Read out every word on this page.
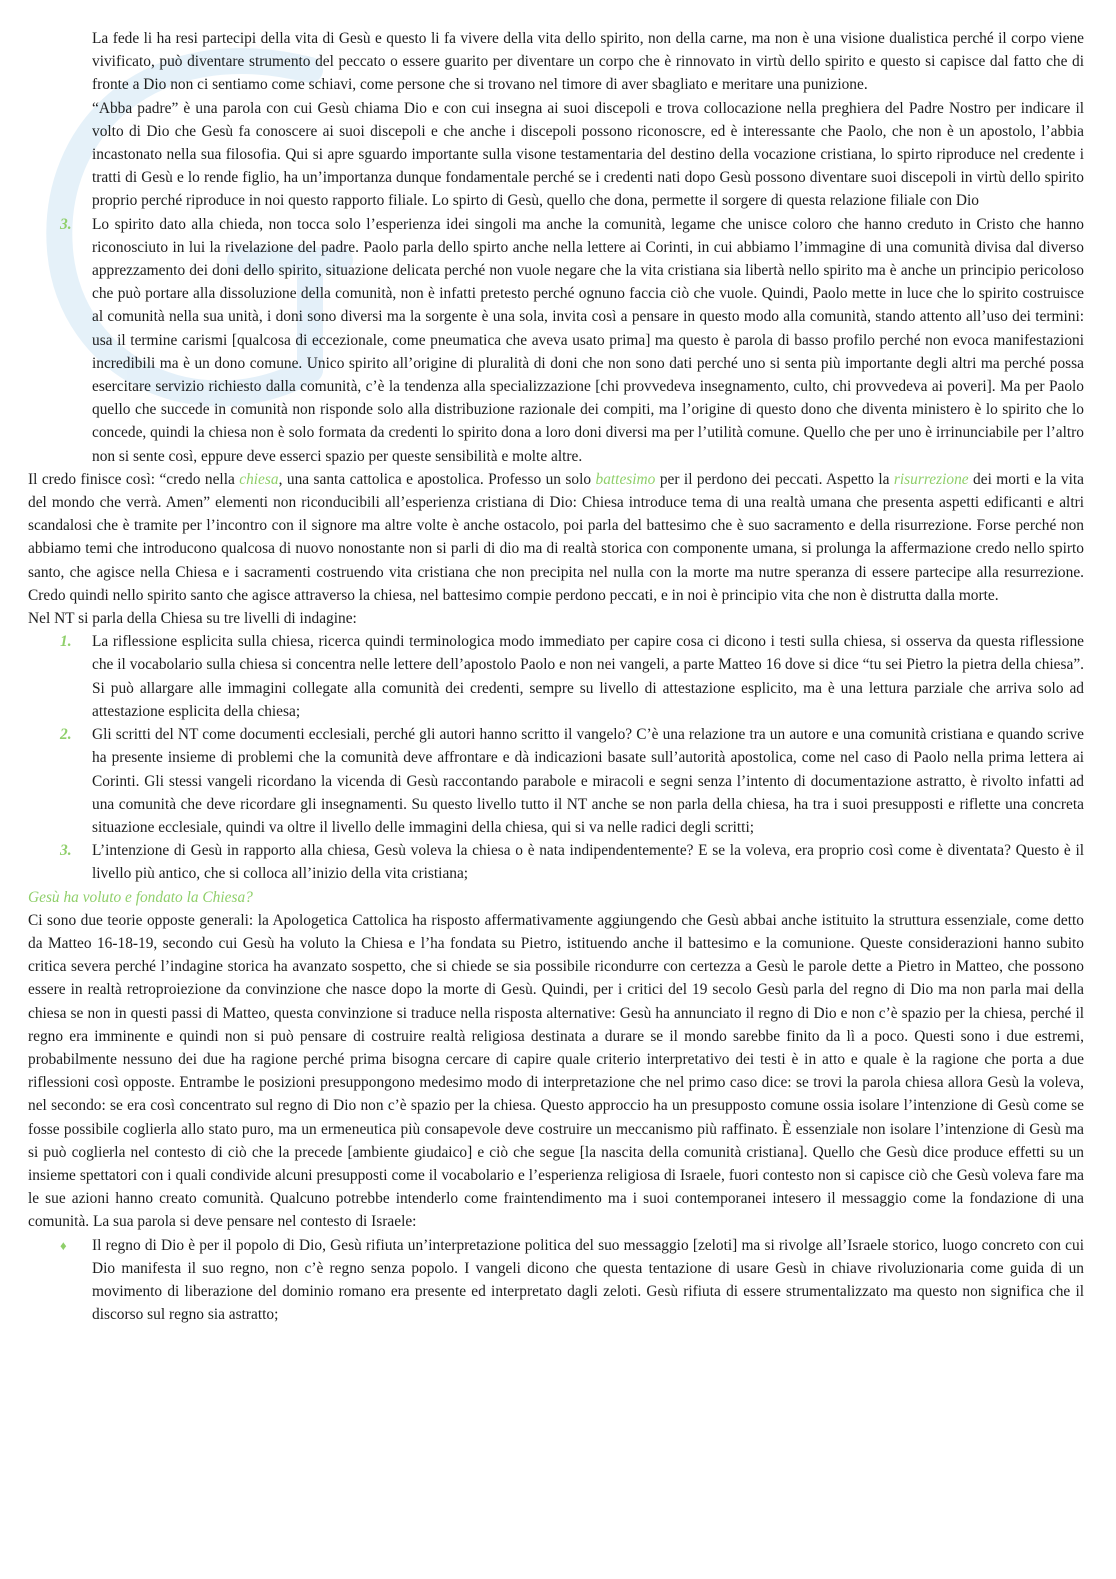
La fede li ha resi partecipi della vita di Gesù e questo li fa vivere della vita dello spirito, non della carne, ma non è una visione dualistica perché il corpo viene vivificato, può diventare strumento del peccato o essere guarito per diventare un corpo che è rinnovato in virtù dello spirito e questo si capisce dal fatto che di fronte a Dio non ci sentiamo come schiavi, come persone che si trovano nel timore di aver sbagliato e meritare una punizione.

“Abba padre” è una parola con cui Gesù chiama Dio e con cui insegna ai suoi discepoli e trova collocazione nella preghiera del Padre Nostro per indicare il volto di Dio che Gesù fa conoscere ai suoi discepoli e che anche i discepoli possono riconoscre, ed è interessante che Paolo, che non è un apostolo, l’abbia incastonato nella sua filosofia. Qui si apre sguardo importante sulla visone testamentaria del destino della vocazione cristiana, lo spirto riproduce nel credente i tratti di Gesù e lo rende figlio, ha un’importanza dunque fondamentale perché se i credenti nati dopo Gesù possono diventare suoi discepoli in virtù dello spirito proprio perché riproduce in noi questo rapporto filiale. Lo spirto di Gesù, quello che dona, permette il sorgere di questa relazione filiale con Dio

3. Lo spirito dato alla chieda, non tocca solo l’esperienza idei singoli ma anche la comunità, legame che unisce coloro che hanno creduto in Cristo che hanno riconosciuto in lui la rivelazione del padre. Paolo parla dello spirto anche nella lettere ai Corinti, in cui abbiamo l’immagine di una comunità divisa dal diverso apprezzamento dei doni dello spirito, situazione delicata perché non vuole negare che la vita cristiana sia libertà nello spirito ma è anche un principio pericoloso che può portare alla dissoluzione della comunità, non è infatti pretesto perché ognuno faccia ciò che vuole. Quindi, Paolo mette in luce che lo spirito costruisce al comunità nella sua unità, i doni sono diversi ma la sorgente è una sola, invita così a pensare in questo modo alla comunità, stando attento all’uso dei termini: usa il termine carismi [qualcosa di eccezionale, come pneumatica che aveva usato prima] ma questo è parola di basso profilo perché non evoca manifestazioni incredibili ma è un dono comune. Unico spirito all’origine di pluralità di doni che non sono dati perché uno si senta più importante degli altri ma perché possa esercitare servizio richiesto dalla comunità, c’è la tendenza alla specializzazione [chi provvedeva insegnamento, culto, chi provvedeva ai poveri]. Ma per Paolo quello che succede in comunità non risponde solo alla distribuzione razionale dei compiti, ma l’origine di questo dono che diventa ministero è lo spirito che lo concede, quindi la chiesa non è solo formata da credenti lo spirito dona a loro doni diversi ma per l’utilità comune. Quello che per uno è irrinunciabile per l’altro non si sente così, eppure deve esserci spazio per queste sensibilità e molte altre.

Il credo finisce così: “credo nella chiesa, una santa cattolica e apostolica. Professo un solo battesimo per il perdono dei peccati. Aspetto la risurrezione dei morti e la vita del mondo che verrà. Amen” elementi non riconducibili all’esperienza cristiana di Dio: Chiesa introduce tema di una realtà umana che presenta aspetti edificanti e altri scandalosi che è tramite per l’incontro con il signore ma altre volte è anche ostacolo, poi parla del battesimo che è suo sacramento e della risurrezione. Forse perché non abbiamo temi che introducono qualcosa di nuovo nonostante non si parli di dio ma di realtà storica con componente umana, si prolunga la affermazione credo nello spirto santo, che agisce nella Chiesa e i sacramenti costruendo vita cristiana che non precipita nel nulla con la morte ma nutre speranza di essere partecipe alla resurrezione. Credo quindi nello spirito santo che agisce attraverso la chiesa, nel battesimo compie perdono peccati, e in noi è principio vita che non è distrutta dalla morte.

Nel NT si parla della Chiesa su tre livelli di indagine:

1. La riflessione esplicita sulla chiesa, ricerca quindi terminologica modo immediato per capire cosa ci dicono i testi sulla chiesa, si osserva da questa riflessione che il vocabolario sulla chiesa si concentra nelle lettere dell’apostolo Paolo e non nei vangeli, a parte Matteo 16 dove si dice “tu sei Pietro la pietra della chiesa”. Si può allargare alle immagini collegate alla comunità dei credenti, sempre su livello di attestazione esplicito, ma è una lettura parziale che arriva solo ad attestazione esplicita della chiesa;

2. Gli scritti del NT come documenti ecclesiali, perché gli autori hanno scritto il vangelo? C’è una relazione tra un autore e una comunità cristiana e quando scrive ha presente insieme di problemi che la comunità deve affrontare e dà indicazioni basate sull’autorità apostolica, come nel caso di Paolo nella prima lettera ai Corinti. Gli stessi vangeli ricordano la vicenda di Gesù raccontando parabole e miracoli e segni senza l’intento di documentazione astratto, è rivolto infatti ad una comunità che deve ricordare gli insegnamenti. Su questo livello tutto il NT anche se non parla della chiesa, ha tra i suoi presupposti e riflette una concreta situazione ecclesiale, quindi va oltre il livello delle immagini della chiesa, qui si va nelle radici degli scritti;

3. L’intenzione di Gesù in rapporto alla chiesa, Gesù voleva la chiesa o è nata indipendentemente? E se la voleva, era proprio così come è diventata? Questo è il livello più antico, che si colloca all’inizio della vita cristiana;

Gesù ha voluto e fondato la Chiesa?

Ci sono due teorie opposte generali: la Apologetica Cattolica ha risposto affermativamente aggiungendo che Gesù abbai anche istituito la struttura essenziale, come detto da Matteo 16-18-19, secondo cui Gesù ha voluto la Chiesa e l’ha fondata su Pietro, istituendo anche il battesimo e la comunione. Queste considerazioni hanno subito critica severa perché l’indagine storica ha avanzato sospetto, che si chiede se sia possibile ricondurre con certezza a Gesù le parole dette a Pietro in Matteo, che possono essere in realtà retroproiezione da convinzione che nasce dopo la morte di Gesù. Quindi, per i critici del 19 secolo Gesù parla del regno di Dio ma non parla mai della chiesa se non in questi passi di Matteo, questa convinzione si traduce nella risposta alternative: Gesù ha annunciato il regno di Dio e non c’è spazio per la chiesa, perché il regno era imminente e quindi non si può pensare di costruire realtà religiosa destinata a durare se il mondo sarebbe finito da lì a poco. Questi sono i due estremi, probabilmente nessuno dei due ha ragione perché prima bisogna cercare di capire quale criterio interpretativo dei testi è in atto e quale è la ragione che porta a due riflessioni così opposte. Entrambe le posizioni presuppongono medesimo modo di interpretazione che nel primo caso dice: se trovi la parola chiesa allora Gesù la voleva, nel secondo: se era così concentrato sul regno di Dio non c’è spazio per la chiesa. Questo approccio ha un presupposto comune ossia isolare l’intenzione di Gesù come se fosse possibile coglierla allo stato puro, ma un ermeneutica più consapevole deve costruire un meccanismo più raffinato. È essenziale non isolare l’intenzione di Gesù ma si può coglierla nel contesto di ciò che la precede [ambiente giudaico] e ciò che segue [la nascita della comunità cristiana]. Quello che Gesù dice produce effetti su un insieme spettatori con i quali condivide alcuni presupposti come il vocabolario e l’esperienza religiosa di Israele, fuori contesto non si capisce ciò che Gesù voleva fare ma le sue azioni hanno creato comunità. Qualcuno potrebbe intenderlo come fraintendimento ma i suoi contemporanei intesero il messaggio come la fondazione di una comunità. La sua parola si deve pensare nel contesto di Israele:

♦ Il regno di Dio è per il popolo di Dio, Gesù rifiuta un’interpretazione politica del suo messaggio [zeloti] ma si rivolge all’Israele storico, luogo concreto con cui Dio manifesta il suo regno, non c’è regno senza popolo. I vangeli dicono che questa tentazione di usare Gesù in chiave rivoluzionaria come guida di un movimento di liberazione del dominio romano era presente ed interpretato dagli zeloti. Gesù rifiuta di essere strumentalizzato ma questo non significa che il discorso sul regno sia astratto;
